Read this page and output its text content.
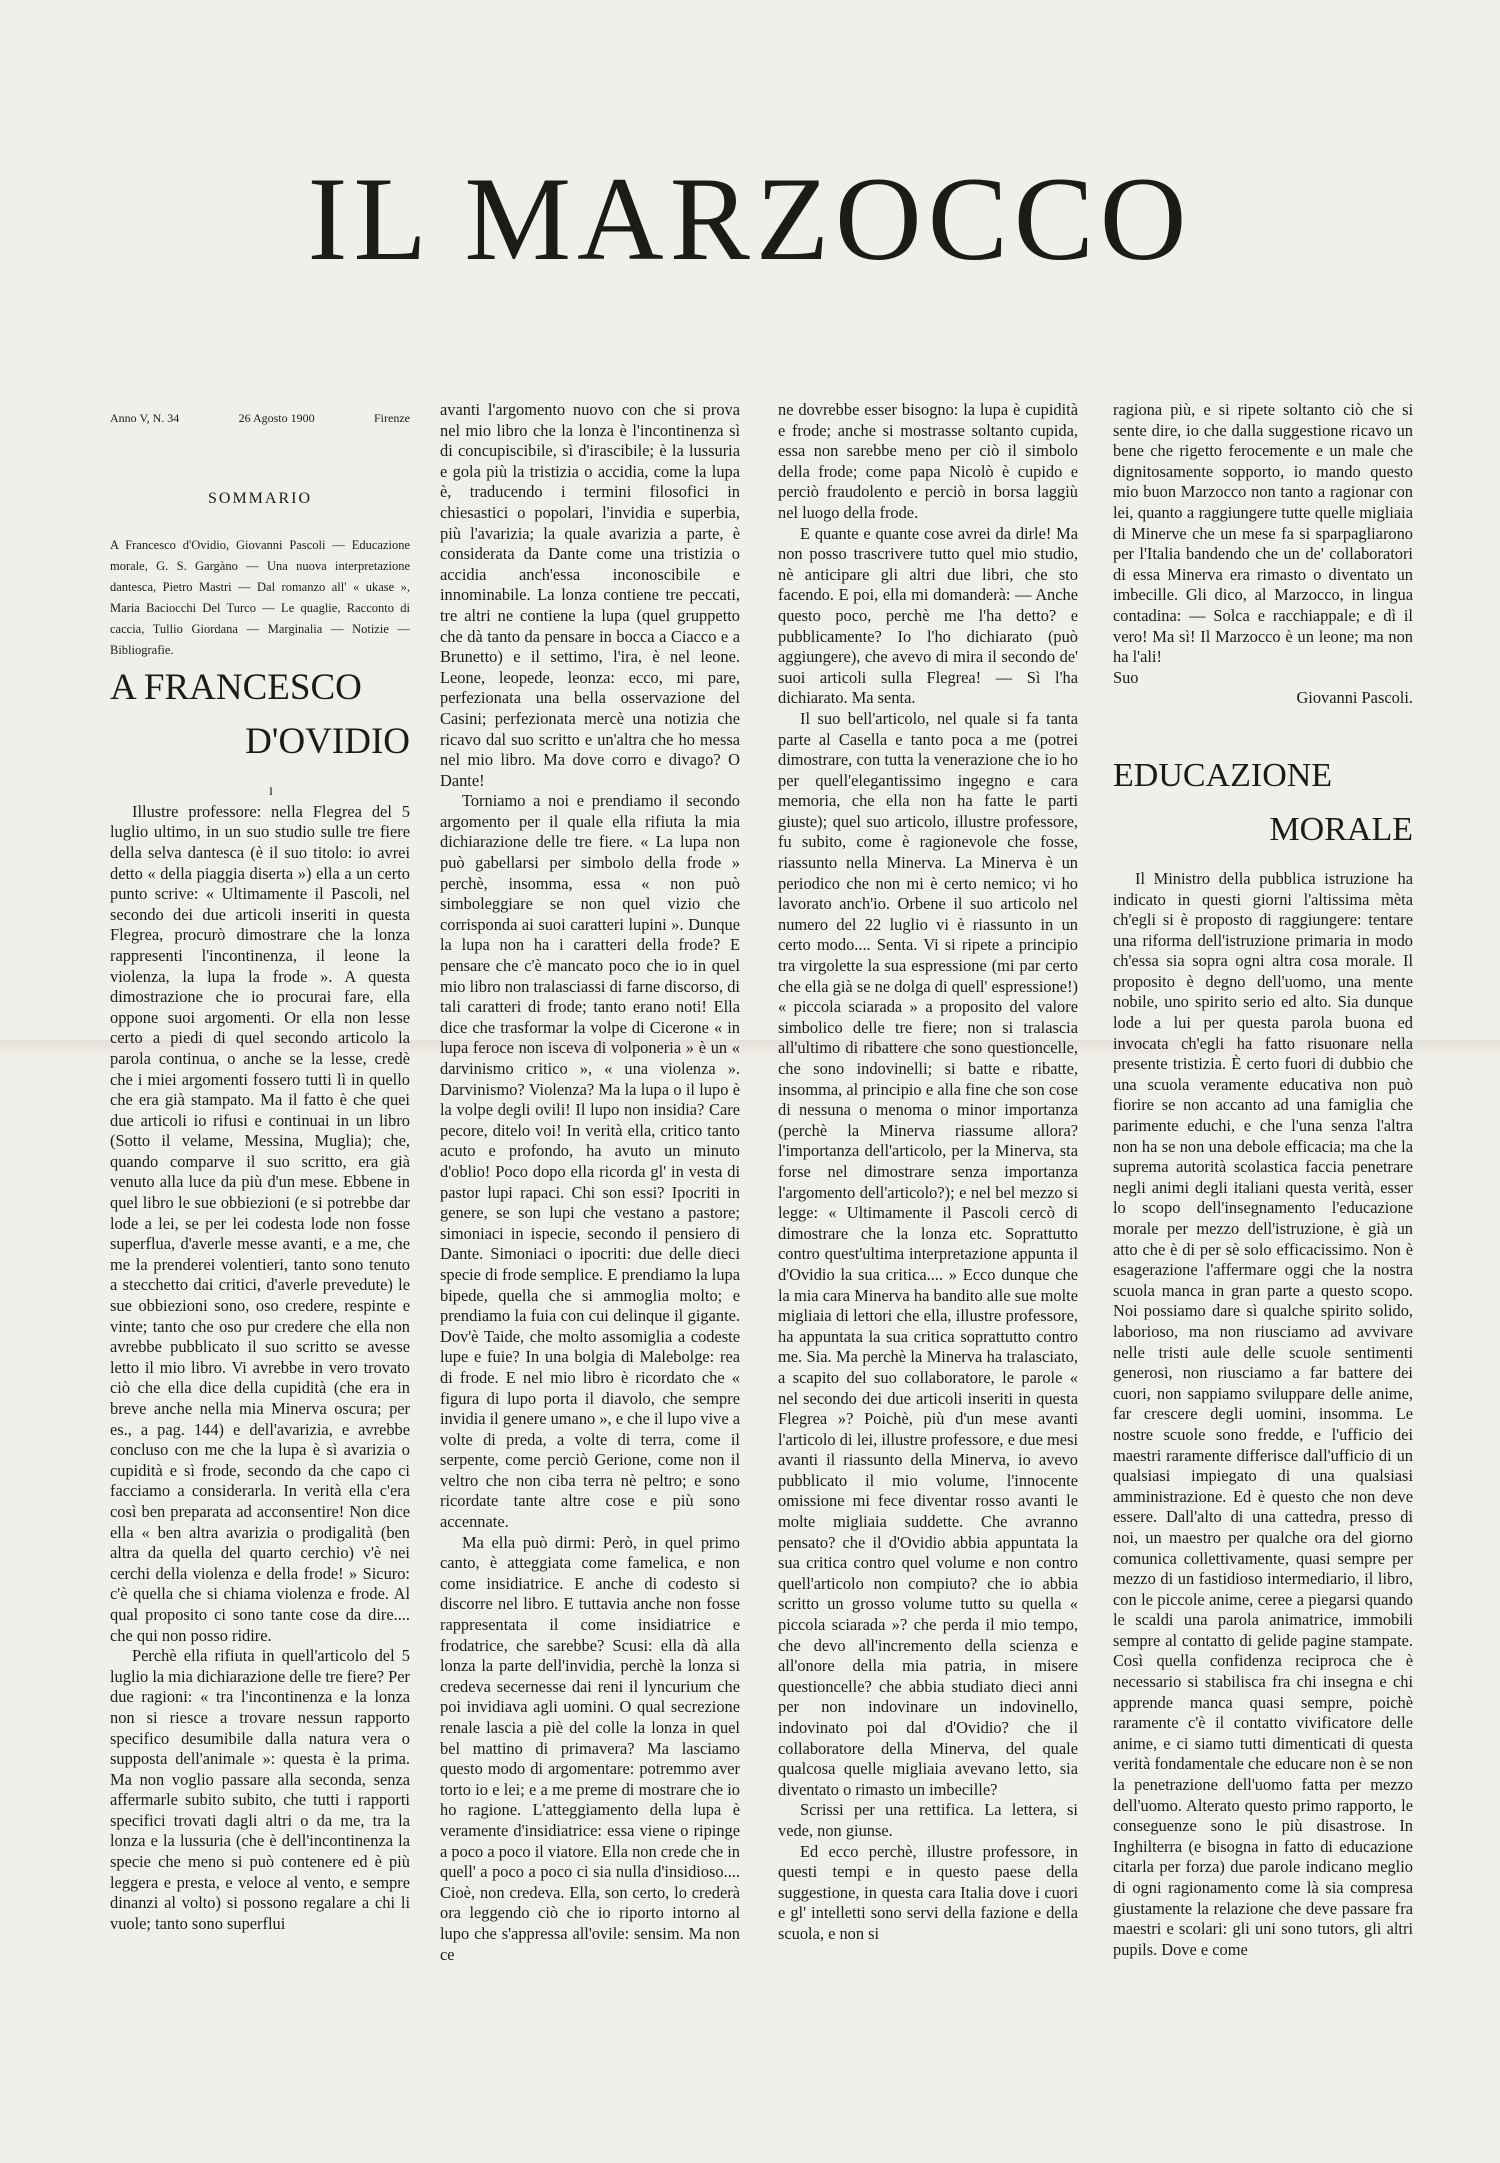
IL MARZOCCO
Anno V, N. 34	26 Agosto 1900	Firenze
SOMMARIO

A Francesco d'Ovidio, Giovanni Pascoli — Educazione morale, G. S. Gargàno — Una nuova interpretazione dantesca, Pietro Mastri — Dal romanzo all' « ukase », Maria Baciocchi Del Turco — Le quaglie, Racconto di caccia, Tullio Giordana — Marginalia — Notizie — Bibliografie.

A FRANCESCO
D'OVIDIO

I

Illustre professore: nella Flegrea del 5 luglio ultimo, in un suo studio sulle tre fiere della selva dantesca (è il suo titolo: io avrei detto « della piaggia diserta ») ella a un certo punto scrive: « Ultimamente il Pascoli, nel secondo dei due articoli inseriti in questa Flegrea, procurò dimostrare che la lonza rappresenti l'incontinenza, il leone la violenza, la lupa la frode ». A questa dimostrazione che io procurai fare, ella oppone suoi argomenti. Or ella non lesse certo a piedi di quel secondo articolo la parola continua, o anche se la lesse, credè che i miei argomenti fossero tutti lì in quello che era già stampato. Ma il fatto è che quei due articoli io rifusi e continuai in un libro (Sotto il velame, Messina, Muglia); che, quando comparve il suo scritto, era già venuto alla luce da più d'un mese. Ebbene in quel libro le sue obbiezioni (e si potrebbe dar lode a lei, se per lei codesta lode non fosse superflua, d'averle messe avanti, e a me, che me la prenderei volentieri, tanto sono tenuto a stecchetto dai critici, d'averle prevedute) le sue obbiezioni sono, oso credere, respinte e vinte; tanto che oso pur credere che ella non avrebbe pubblicato il suo scritto se avesse letto il mio libro. Vi avrebbe in vero trovato ciò che ella dice della cupidità (che era in breve anche nella mia Minerva oscura; per es., a pag. 144) e dell'avarizia, e avrebbe concluso con me che la lupa è sì avarizia o cupidità e sì frode, secondo da che capo ci facciamo a considerarla. In verità ella c'era così ben preparata ad acconsentire! Non dice ella « ben altra avarizia o prodigalità (ben altra da quella del quarto cerchio) v'è nei cerchi della violenza e della frode! » Sicuro: c'è quella che si chiama violenza e frode. Al qual proposito ci sono tante cose da dire.... che qui non posso ridire.

Perchè ella rifiuta in quell'articolo del 5 luglio la mia dichiarazione delle tre fiere? Per due ragioni: « tra l'incontinenza e la lonza non si riesce a trovare nessun rapporto specifico desumibile dalla natura vera o supposta dell'animale »: questa è la prima. Ma non voglio passare alla seconda, senza affermarle subito subito, che tutti i rapporti specifici trovati dagli altri o da me, tra la lonza e la lussuria (che è dell'incontinenza la specie che meno si può contenere ed è più leggera e presta, e veloce al vento, e sempre dinanzi al volto) si possono regalare a chi li vuole; tanto sono superflui

avanti l'argomento nuovo con che si prova nel mio libro che la lonza è l'incontinenza sì di concupiscibile, sì d'irascibile; è la lussuria e gola più la tristizia o accidia, come la lupa è, traducendo i termini filosofici in chiesastici o popolari, l'invidia e superbia, più l'avarizia; la quale avarizia a parte, è considerata da Dante come una tristizia o accidia anch'essa inconoscibile e innominabile. La lonza contiene tre peccati, tre altri ne contiene la lupa (quel gruppetto che dà tanto da pensare in bocca a Ciacco e a Brunetto) e il settimo, l'ira, è nel leone. Leone, leopede, leonza: ecco, mi pare, perfezionata una bella osservazione del Casini; perfezionata mercè una notizia che ricavo dal suo scritto e un'altra che ho messa nel mio libro. Ma dove corro e divago? O Dante!

Torniamo a noi e prendiamo il secondo argomento per il quale ella rifiuta la mia dichiarazione delle tre fiere. « La lupa non può gabellarsi per simbolo della frode » perchè, insomma, essa « non può simboleggiare se non quel vizio che corrisponda ai suoi caratteri lupini ». Dunque la lupa non ha i caratteri della frode? E pensare che c'è mancato poco che io in quel mio libro non tralasciassi di farne discorso, di tali caratteri di frode; tanto erano noti! Ella dice che trasformar la volpe di Cicerone « in lupa feroce non isceva di volponeria » è un « darvinismo critico », « una violenza ». Darvinismo? Violenza? Ma la lupa o il lupo è la volpe degli ovili! Il lupo non insidia? Care pecore, ditelo voi! In verità ella, critico tanto acuto e profondo, ha avuto un minuto d'oblio! Poco dopo ella ricorda gl' in vesta di pastor lupi rapaci. Chi son essi? Ipocriti in genere, se son lupi che vestano a pastore; simoniaci in ispecie, secondo il pensiero di Dante. Simoniaci o ipocriti: due delle dieci specie di frode semplice. E prendiamo la lupa bipede, quella che si ammoglia molto; e prendiamo la fuia con cui delinque il gigante. Dov'è Taide, che molto assomiglia a codeste lupe e fuie? In una bolgia di Malebolge: rea di frode. E nel mio libro è ricordato che « figura di lupo porta il diavolo, che sempre invidia il genere umano », e che il lupo vive a volte di preda, a volte di terra, come il serpente, come perciò Gerione, come non il veltro che non ciba terra nè peltro; e sono ricordate tante altre cose e più sono accennate.

Ma ella può dirmi: Però, in quel primo canto, è atteggiata come famelica, e non come insidiatrice. E anche di codesto si discorre nel libro. E tuttavia anche non fosse rappresentata il come insidiatrice e frodatrice, che sarebbe? Scusi: ella dà alla lonza la parte dell'invidia, perchè la lonza si credeva secernesse dai reni il lyncurium che poi invidiava agli uomini. O qual secrezione renale lascia a piè del colle la lonza in quel bel mattino di primavera? Ma lasciamo questo modo di argomentare: potremmo aver torto io e lei; e a me preme di mostrare che io ho ragione. L'atteggiamento della lupa è veramente d'insidiatrice: essa viene o ripinge a poco a poco il viatore. Ella non crede che in quell' a poco a poco ci sia nulla d'insidioso.... Cioè, non credeva. Ella, son certo, lo crederà ora leggendo ciò che io riporto intorno al lupo che s'appressa all'ovile: sensim. Ma non ce

ne dovrebbe esser bisogno: la lupa è cupidità e frode; anche si mostrasse soltanto cupida, essa non sarebbe meno per ciò il simbolo della frode; come papa Nicolò è cupido e perciò fraudolento e perciò in borsa laggiù nel luogo della frode.

E quante e quante cose avrei da dirle! Ma non posso trascrivere tutto quel mio studio, nè anticipare gli altri due libri, che sto facendo. E poi, ella mi domanderà: — Anche questo poco, perchè me l'ha detto? e pubblicamente? Io l'ho dichiarato (può aggiungere), che avevo di mira il secondo de' suoi articoli sulla Flegrea! — Sì l'ha dichiarato. Ma senta.

Il suo bell'articolo, nel quale si fa tanta parte al Casella e tanto poca a me (potrei dimostrare, con tutta la venerazione che io ho per quell'elegantissimo ingegno e cara memoria, che ella non ha fatte le parti giuste); quel suo articolo, illustre professore, fu subito, come è ragionevole che fosse, riassunto nella Minerva. La Minerva è un periodico che non mi è certo nemico; vi ho lavorato anch'io. Orbene il suo articolo nel numero del 22 luglio vi è riassunto in un certo modo.... Senta. Vi si ripete a principio tra virgolette la sua espressione (mi par certo che ella già se ne dolga di quell' espressione!) « piccola sciarada » a proposito del valore simbolico delle tre fiere; non si tralascia all'ultimo di ribattere che sono questioncelle, che sono indovinelli; si batte e ribatte, insomma, al principio e alla fine che son cose di nessuna o menoma o minor importanza (perchè la Minerva riassume allora? l'importanza dell'articolo, per la Minerva, sta forse nel dimostrare senza importanza l'argomento dell'articolo?); e nel bel mezzo si legge: « Ultimamente il Pascoli cercò di dimostrare che la lonza etc. Soprattutto contro quest'ultima interpretazione appunta il d'Ovidio la sua critica.... » Ecco dunque che la mia cara Minerva ha bandito alle sue molte migliaia di lettori che ella, illustre professore, ha appuntata la sua critica soprattutto contro me. Sia. Ma perchè la Minerva ha tralasciato, a scapito del suo collaboratore, le parole « nel secondo dei due articoli inseriti in questa Flegrea »? Poichè, più d'un mese avanti l'articolo di lei, illustre professore, e due mesi avanti il riassunto della Minerva, io avevo pubblicato il mio volume, l'innocente omissione mi fece diventar rosso avanti le molte migliaia suddette. Che avranno pensato? che il d'Ovidio abbia appuntata la sua critica contro quel volume e non contro quell'articolo non compiuto? che io abbia scritto un grosso volume tutto su quella « piccola sciarada »? che perda il mio tempo, che devo all'incremento della scienza e all'onore della mia patria, in misere questioncelle? che abbia studiato dieci anni per non indovinare un indovinello, indovinato poi dal d'Ovidio? che il collaboratore della Minerva, del quale qualcosa quelle migliaia avevano letto, sia diventato o rimasto un imbecille?

Scrissi per una rettifica. La lettera, si vede, non giunse.

Ed ecco perchè, illustre professore, in questi tempi e in questo paese della suggestione, in questa cara Italia dove i cuori e gl' intelletti sono servi della fazione e della scuola, e non si

ragiona più, e si ripete soltanto ciò che si sente dire, io che dalla suggestione ricavo un bene che rigetto ferocemente e un male che dignitosamente sopporto, io mando questo mio buon Marzocco non tanto a ragionar con lei, quanto a raggiungere tutte quelle migliaia di Minerve che un mese fa si sparpagliarono per l'Italia bandendo che un de' collaboratori di essa Minerva era rimasto o diventato un imbecille. Gli dico, al Marzocco, in lingua contadina: — Solca e racchiappale; e dì il vero! Ma sì! Il Marzocco è un leone; ma non ha l'ali!

Suo
Giovanni Pascoli.
EDUCAZIONE
MORALE

Il Ministro della pubblica istruzione ha indicato in questi giorni l'altissima mèta ch'egli si è proposto di raggiungere: tentare una riforma dell'istruzione primaria in modo ch'essa sia sopra ogni altra cosa morale. Il proposito è degno dell'uomo, una mente nobile, uno spirito serio ed alto. Sia dunque lode a lui per questa parola buona ed invocata ch'egli ha fatto risuonare nella presente tristizia. È certo fuori di dubbio che una scuola veramente educativa non può fiorire se non accanto ad una famiglia che parimente educhi, e che l'una senza l'altra non ha se non una debole efficacia; ma che la suprema autorità scolastica faccia penetrare negli animi degli italiani questa verità, esser lo scopo dell'insegnamento l'educazione morale per mezzo dell'istruzione, è già un atto che è di per sè solo efficacissimo. Non è esagerazione l'affermare oggi che la nostra scuola manca in gran parte a questo scopo. Noi possiamo dare sì qualche spirito solido, laborioso, ma non riusciamo ad avvivare nelle tristi aule delle scuole sentimenti generosi, non riusciamo a far battere dei cuori, non sappiamo sviluppare delle anime, far crescere degli uomini, insomma. Le nostre scuole sono fredde, e l'ufficio dei maestri raramente differisce dall'ufficio di un qualsiasi impiegato di una qualsiasi amministrazione. Ed è questo che non deve essere. Dall'alto di una cattedra, presso di noi, un maestro per qualche ora del giorno comunica collettivamente, quasi sempre per mezzo di un fastidioso intermediario, il libro, con le piccole anime, ceree a piegarsi quando le scaldi una parola animatrice, immobili sempre al contatto di gelide pagine stampate. Così quella confidenza reciproca che è necessario si stabilisca fra chi insegna e chi apprende manca quasi sempre, poichè raramente c'è il contatto vivificatore delle anime, e ci siamo tutti dimenticati di questa verità fondamentale che educare non è se non la penetrazione dell'uomo fatta per mezzo dell'uomo. Alterato questo primo rapporto, le conseguenze sono le più disastrose. In Inghilterra (e bisogna in fatto di educazione citarla per forza) due parole indicano meglio di ogni ragionamento come là sia compresa giustamente la relazione che deve passare fra maestri e scolari: gli uni sono tutors, gli altri pupils. Dove e come
